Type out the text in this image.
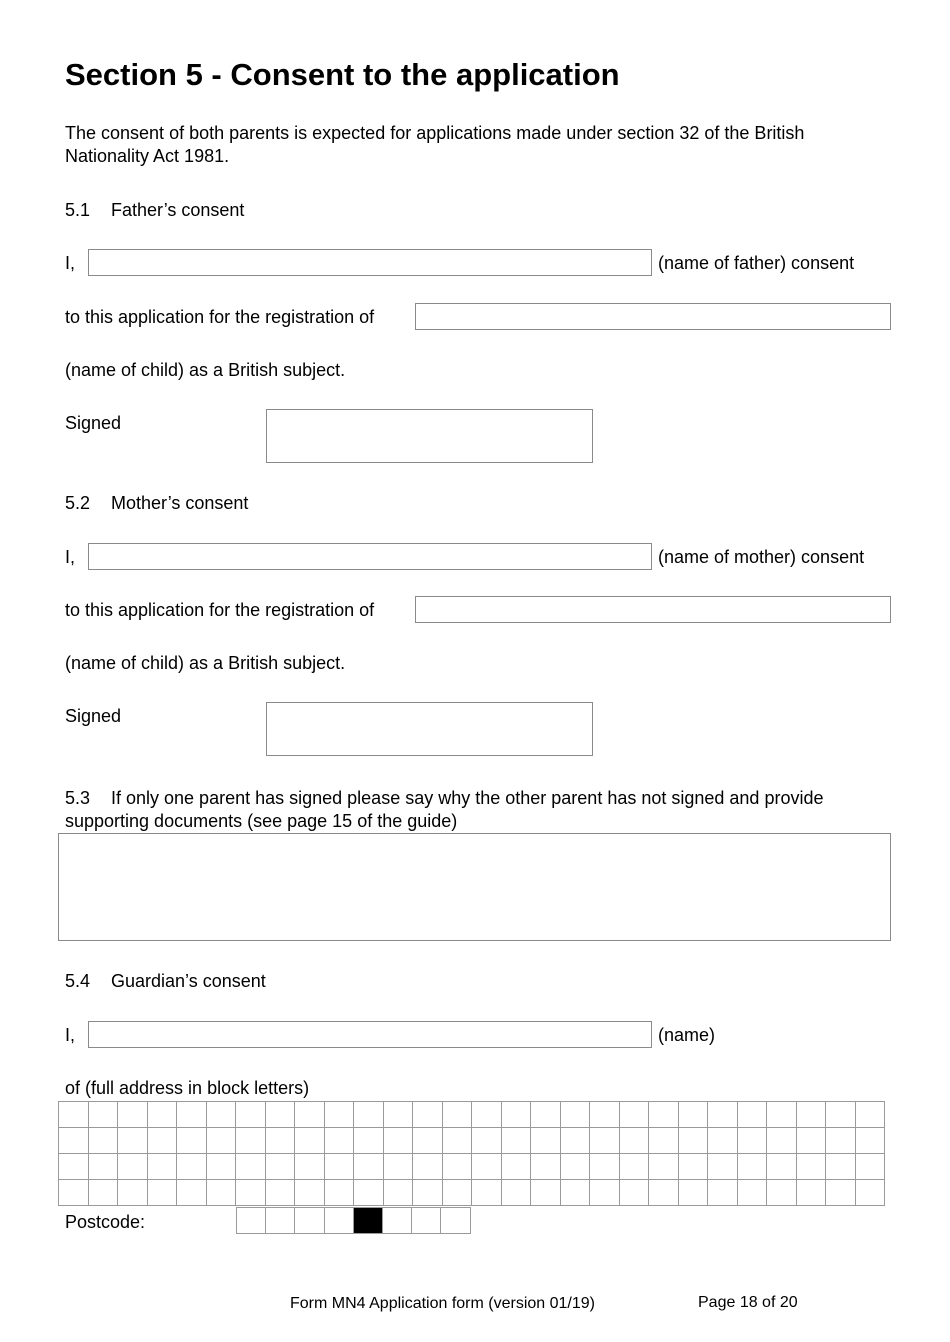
Section 5 - Consent to the application
The consent of both parents is expected for applications made under section 32 of the British
Nationality Act 1981.
5.1 Father’s consent
I,	(name of father) consent
to this application for the registration of
(name of child) as a British subject.
Signed
5.2 Mother’s consent
I,	(name of mother) consent
to this application for the registration of
(name of child) as a British subject.
Signed
5.3 If only one parent has signed please say why the other parent has not signed and provide
supporting documents (see page 15 of the guide)
5.4 Guardian’s consent
I,	(name)
of (full address in block letters)

Postcode:

Form MN4 Application form (version 01/19)	Page 18 of 20
